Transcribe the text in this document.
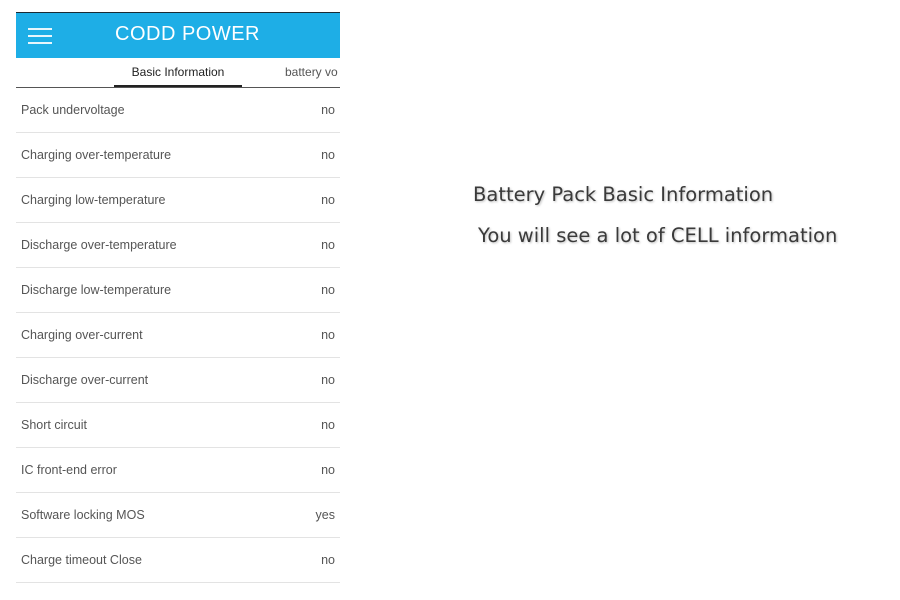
CODD POWER
Basic Information	battery vo
Pack undervoltage	no
Charging over-temperature	no
Charging low-temperature	no
Discharge over-temperature	no
Discharge low-temperature	no
Charging over-current	no
Discharge over-current	no
Short circuit	no
IC front-end error	no
Software locking MOS	yes
Charge timeout Close	no
Battery Pack Basic Information
You will see a lot of CELL information
